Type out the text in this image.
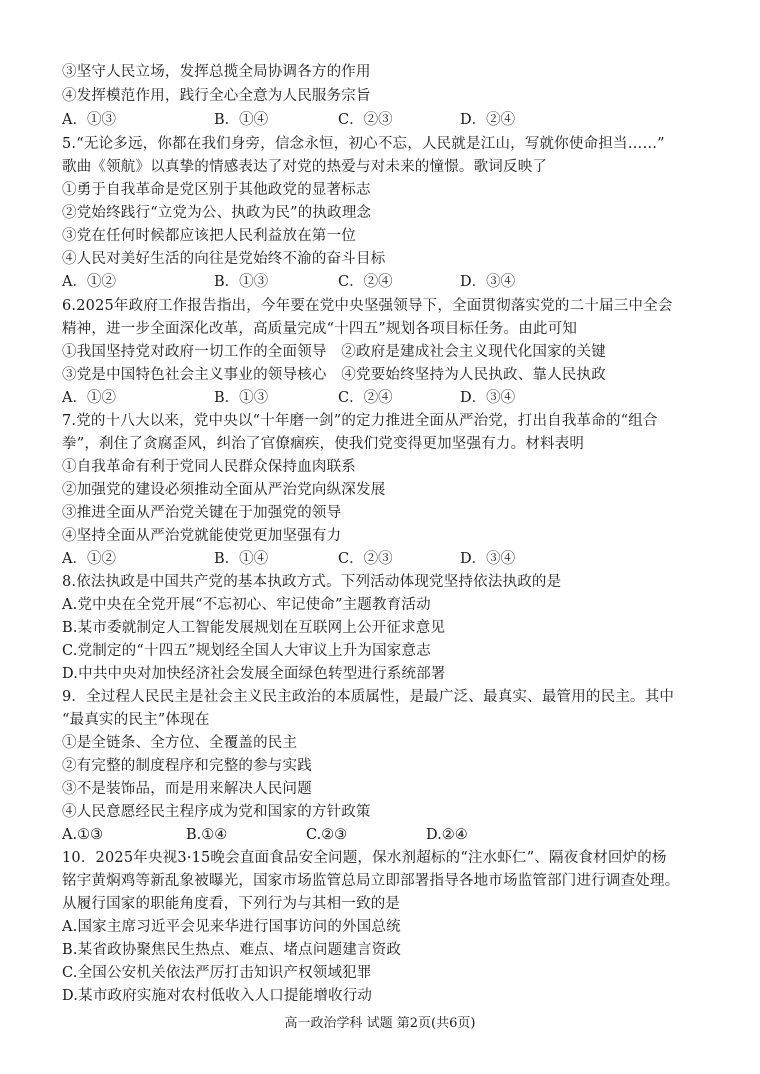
③坚守人民立场，发挥总揽全局协调各方的作用
④发挥模范作用，践行全心全意为人民服务宗旨
A．①③	B．①④	C．②③	D．②④
5.“无论多远，你都在我们身旁，信念永恒，初心不忘，人民就是江山，写就你使命担当……”
歌曲《领航》以真挚的情感表达了对党的热爱与对未来的憧憬。歌词反映了
①勇于自我革命是党区别于其他政党的显著标志
②党始终践行“立党为公、执政为民”的执政理念
③党在任何时候都应该把人民利益放在第一位
④人民对美好生活的向往是党始终不渝的奋斗目标
A．①②	B．①③	C．②④	D．③④
6.2025年政府工作报告指出，今年要在党中央坚强领导下，全面贯彻落实党的二十届三中全会
精神，进一步全面深化改革，高质量完成“十四五”规划各项目标任务。由此可知
①我国坚持党对政府一切工作的全面领导　②政府是建成社会主义现代化国家的关键
③党是中国特色社会主义事业的领导核心　④党要始终坚持为人民执政、靠人民执政
A．①②	B．①③	C．②④	D．③④
7.党的十八大以来，党中央以“十年磨一剑”的定力推进全面从严治党，打出自我革命的“组合
拳”，刹住了贪腐歪风，纠治了官僚痼疾，使我们党变得更加坚强有力。材料表明
①自我革命有利于党同人民群众保持血肉联系
②加强党的建设必须推动全面从严治党向纵深发展
③推进全面从严治党关键在于加强党的领导
④坚持全面从严治党就能使党更加坚强有力
A．①②	B．①④	C．②③	D．③④
8.依法执政是中国共产党的基本执政方式。下列活动体现党坚持依法执政的是
A.党中央在全党开展“不忘初心、牢记使命”主题教育活动
B.某市委就制定人工智能发展规划在互联网上公开征求意见
C.党制定的“十四五”规划经全国人大审议上升为国家意志
D.中共中央对加快经济社会发展全面绿色转型进行系统部署
9．全过程人民民主是社会主义民主政治的本质属性，是最广泛、最真实、最管用的民主。其中
“最真实的民主”体现在
①是全链条、全方位、全覆盖的民主
②有完整的制度程序和完整的参与实践
③不是装饰品，而是用来解决人民问题
④人民意愿经民主程序成为党和国家的方针政策
A.①③	B.①④	C.②③	D.②④
10．2025年央视3·15晚会直面食品安全问题，保水剂超标的“注水虾仁”、隔夜食材回炉的杨
铭宇黄焖鸡等新乱象被曝光，国家市场监管总局立即部署指导各地市场监管部门进行调查处理。
从履行国家的职能角度看，下列行为与其相一致的是
A.国家主席习近平会见来华进行国事访问的外国总统
B.某省政协聚焦民生热点、难点、堵点问题建言资政
C.全国公安机关依法严厉打击知识产权领域犯罪
D.某市政府实施对农村低收入人口提能增收行动
高一政治学科 试题 第2页(共6页)
